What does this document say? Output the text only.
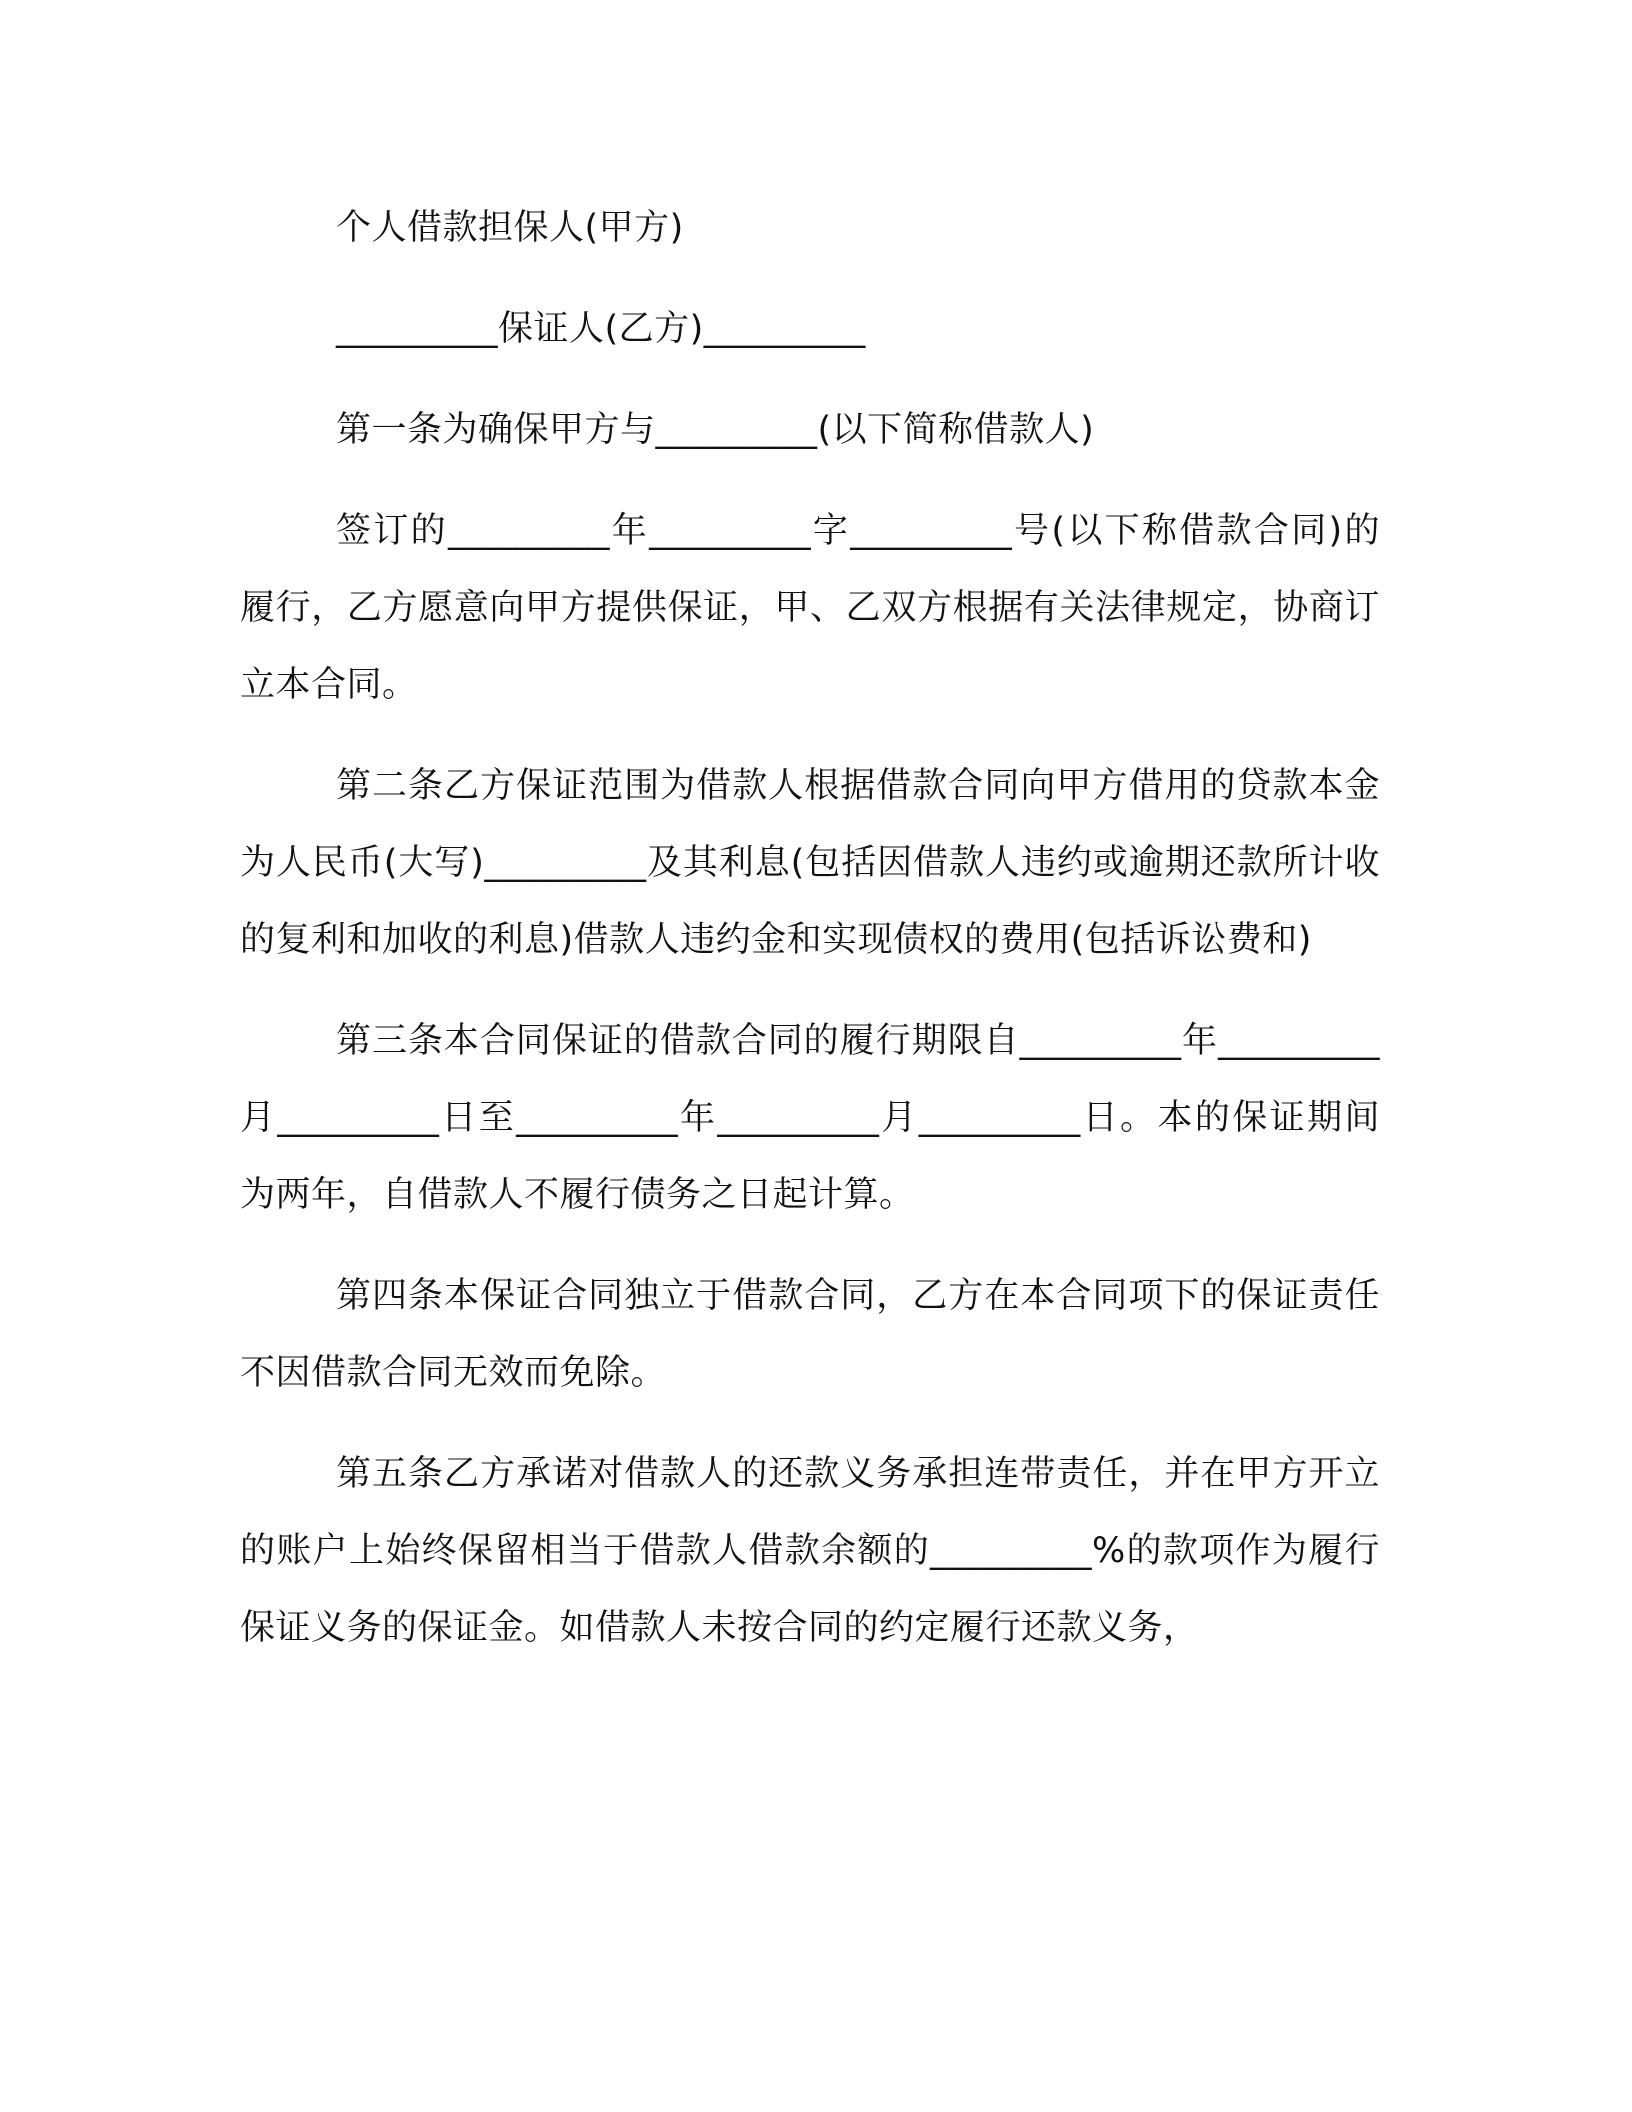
个人借款担保人(甲方)

_________保证人(乙方)_________

第一条为确保甲方与_________(以下简称借款人)

签订的_________年_________字_________号(以下称借款合同)的履行，乙方愿意向甲方提供保证，甲、乙双方根据有关法律规定，协商订立本合同。

第二条乙方保证范围为借款人根据借款合同向甲方借用的贷款本金为人民币(大写)_________及其利息(包括因借款人违约或逾期还款所计收的复利和加收的利息)借款人违约金和实现债权的费用(包括诉讼费和)

第三条本合同保证的借款合同的履行期限自_________年_________月_________日至_________年_________月_________日。本的保证期间为两年，自借款人不履行债务之日起计算。

第四条本保证合同独立于借款合同，乙方在本合同项下的保证责任不因借款合同无效而免除。

第五条乙方承诺对借款人的还款义务承担连带责任，并在甲方开立的账户上始终保留相当于借款人借款余额的_________%的款项作为履行保证义务的保证金。如借款人未按合同的约定履行还款义务，
